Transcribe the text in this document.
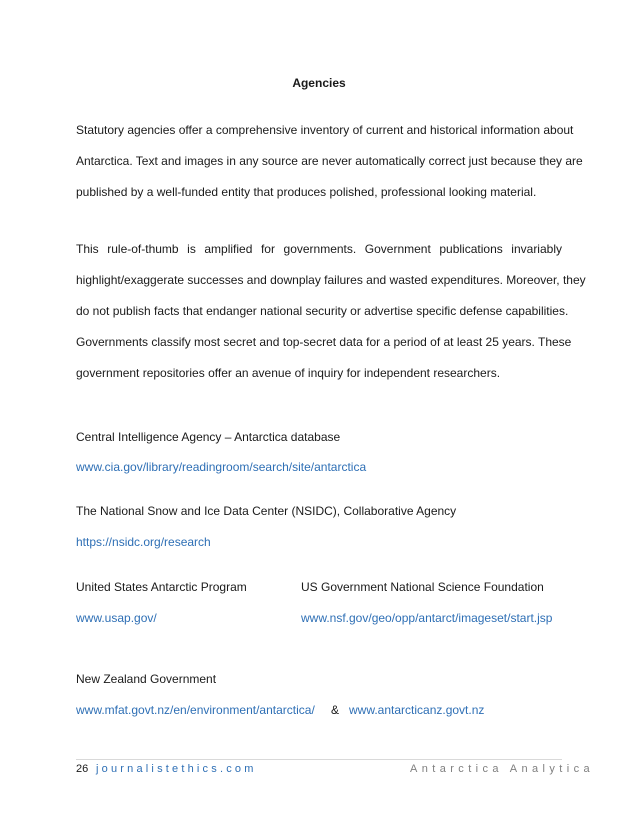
Agencies
Statutory agencies offer a comprehensive inventory of current and historical information about
Antarctica. Text and images in any source are never automatically correct just because they are
published by a well-funded entity that produces polished, professional looking material.
This rule-of-thumb is amplified for governments. Government publications invariably
highlight/exaggerate successes and downplay failures and wasted expenditures. Moreover, they
do not publish facts that endanger national security or advertise specific defense capabilities.
Governments classify most secret and top-secret data for a period of at least 25 years. These
government repositories offer an avenue of inquiry for independent researchers.
Central Intelligence Agency – Antarctica database
www.cia.gov/library/readingroom/search/site/antarctica
The National Snow and Ice Data Center (NSIDC), Collaborative Agency
https://nsidc.org/research
United States Antarctic Program
www.usap.gov/
US Government National Science Foundation
www.nsf.gov/geo/opp/antarct/imageset/start.jsp
New Zealand Government
www.mfat.govt.nz/en/environment/antarctica/ & www.antarcticanz.govt.nz
26 journalistethics.com	Antarctica Analytica
